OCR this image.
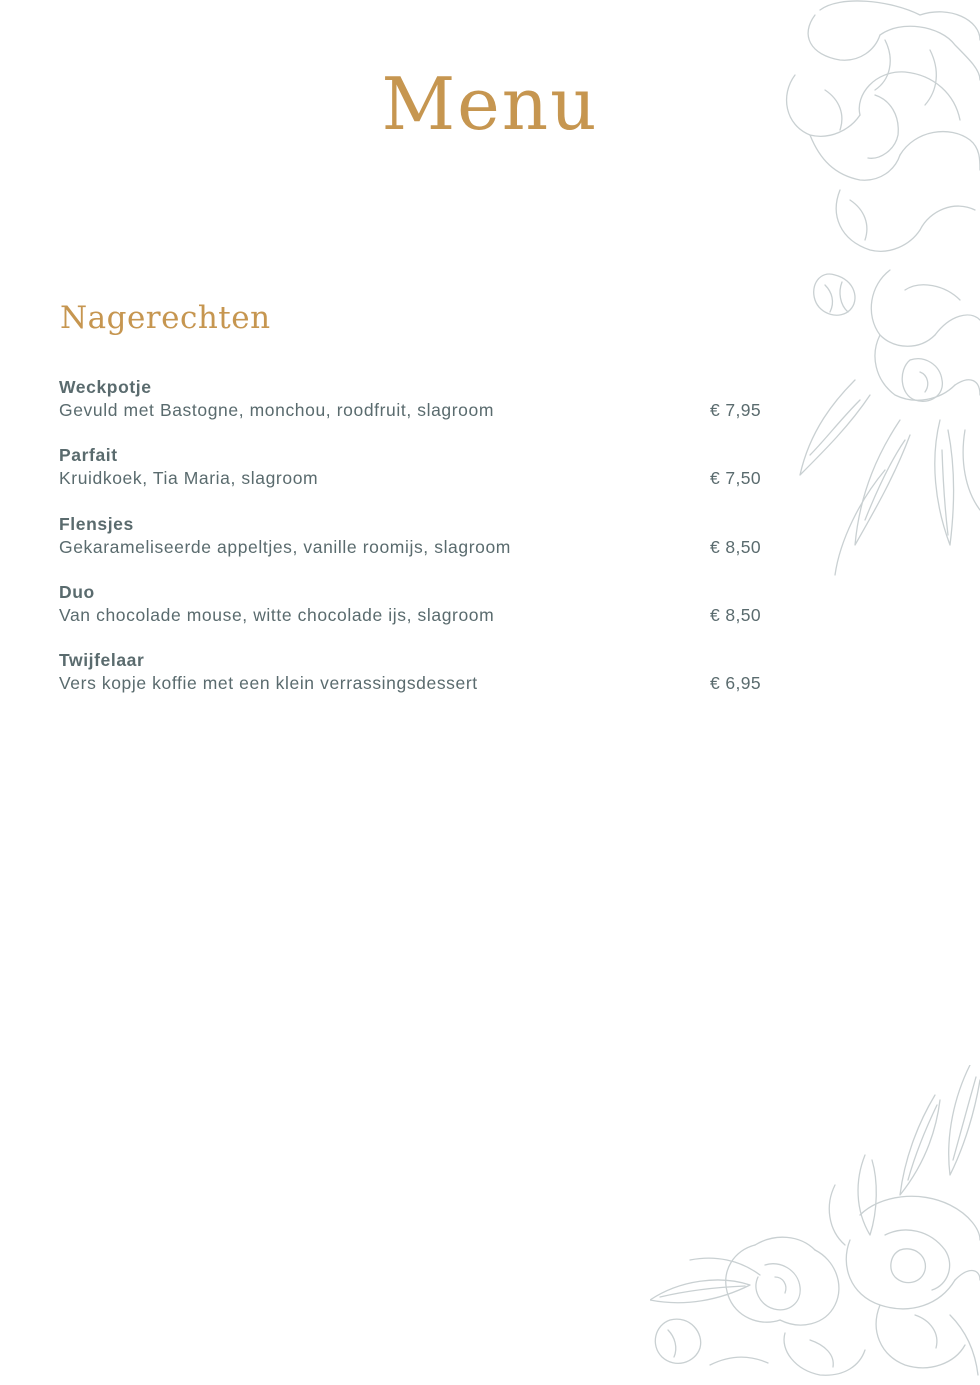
Menu
Nagerechten
Weckpotje
Gevuld met Bastogne, monchou, roodfruit, slagroom	€ 7,95
Parfait
Kruidkoek, Tia Maria, slagroom	€ 7,50
Flensjes
Gekarameliseerde appeltjes, vanille roomijs, slagroom	€ 8,50
Duo
Van chocolade mouse, witte chocolade ijs, slagroom	€ 8,50
Twijfelaar
Vers kopje koffie met een klein verrassingsdessert	€ 6,95
